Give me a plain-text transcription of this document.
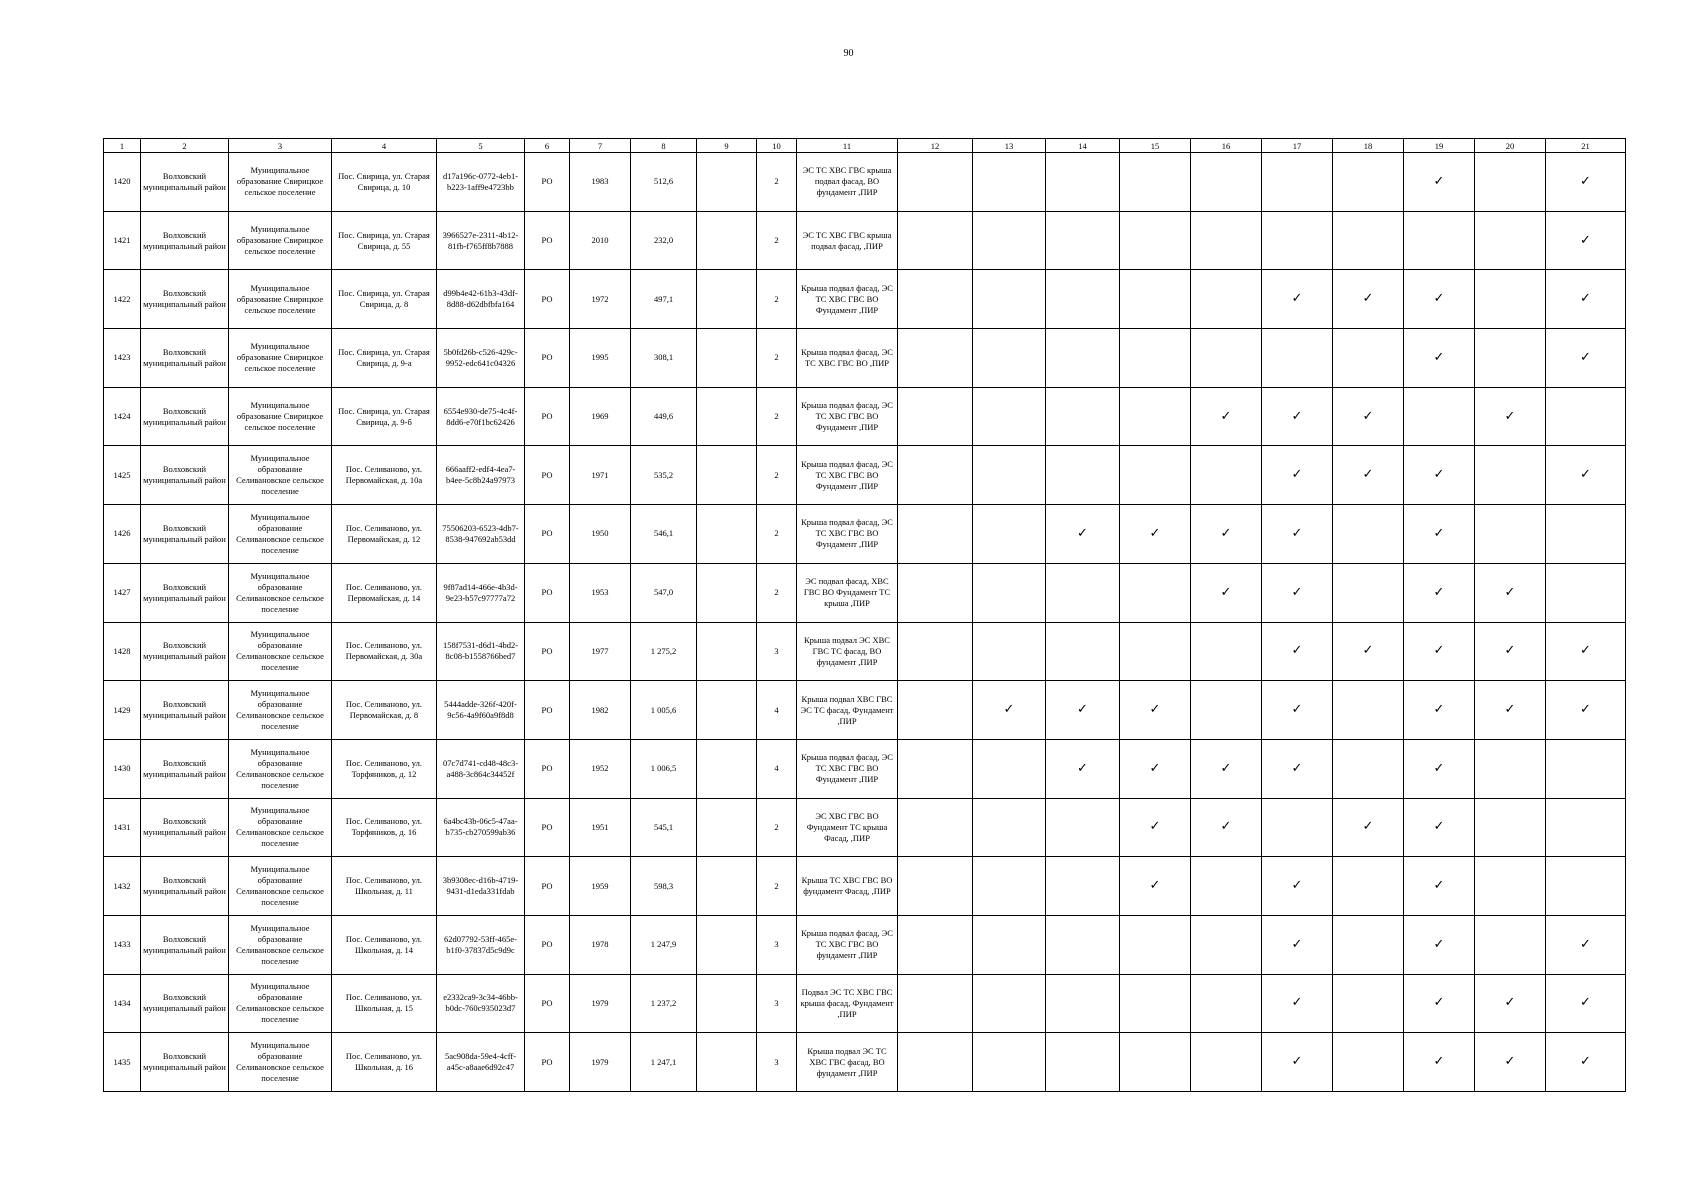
90
1	2	3	4	5	6	7	8	9	10	11	12	13	14	15	16	17	18	19	20	21
1420	Волховский муниципальный район	Муниципальное образование Свирицкое сельское поселение	Пос. Свирица, ул. Старая Свирица, д. 10	d17a196c-0772-4eb1-b223-1aff9e4723bb	РО	1983	512,6		2	ЭС ТС ХВС ГВС крыша подвал фасад, ВО фундамент ,ПИР								✓		✓
1421	Волховский муниципальный район	Муниципальное образование Свирицкое сельское поселение	Пос. Свирица, ул. Старая Свирица, д. 55	3966527e-2311-4b12-81fb-f765ff8b7888	РО	2010	232,0		2	ЭС ТС ХВС ГВС крыша подвал фасад, ,ПИР										✓
1422	Волховский муниципальный район	Муниципальное образование Свирицкое сельское поселение	Пос. Свирица, ул. Старая Свирица, д. 8	d99b4e42-61b3-43df-8d88-d62dbfbfa164	РО	1972	497,1		2	Крыша подвал фасад, ЭС ТС ХВС ГВС ВО Фундамент ,ПИР						✓	✓	✓		✓
1423	Волховский муниципальный район	Муниципальное образование Свирицкое сельское поселение	Пос. Свирица, ул. Старая Свирица, д. 9-а	5b0fd26b-c526-429c-9952-edc641c04326	РО	1995	308,1		2	Крыша подвал фасад, ЭС ТС ХВС ГВС ВО ,ПИР								✓		✓
1424	Волховский муниципальный район	Муниципальное образование Свирицкое сельское поселение	Пос. Свирица, ул. Старая Свирица, д. 9-б	6554e930-de75-4c4f-8dd6-e70f1bc62426	РО	1969	449,6		2	Крыша подвал фасад, ЭС ТС ХВС ГВС ВО Фундамент ,ПИР					✓	✓	✓		✓	
1425	Волховский муниципальный район	Муниципальное образование Селивановское сельское поселение	Пос. Селиваново, ул. Первомайская, д. 10а	666aaff2-edf4-4ea7-b4ee-5c8b24a97973	РО	1971	535,2		2	Крыша подвал фасад, ЭС ТС ХВС ГВС ВО Фундамент ,ПИР						✓	✓	✓		✓
1426	Волховский муниципальный район	Муниципальное образование Селивановское сельское поселение	Пос. Селиваново, ул. Первомайская, д. 12	75506203-6523-4db7-8538-947692ab53dd	РО	1950	546,1		2	Крыша подвал фасад, ЭС ТС ХВС ГВС ВО Фундамент ,ПИР			✓	✓	✓	✓		✓		
1427	Волховский муниципальный район	Муниципальное образование Селивановское сельское поселение	Пос. Селиваново, ул. Первомайская, д. 14	9f87ad14-466e-4b3d-9e23-b57c97777a72	РО	1953	547,0		2	ЭС подвал фасад, ХВС ГВС ВО Фундамент ТС крыша ,ПИР					✓	✓		✓	✓	
1428	Волховский муниципальный район	Муниципальное образование Селивановское сельское поселение	Пос. Селиваново, ул. Первомайская, д. 30а	158f7531-d6d1-4bd2-8c08-b1558766bed7	РО	1977	1 275,2		3	Крыша подвал ЭС ХВС ГВС ТС фасад, ВО фундамент ,ПИР						✓	✓	✓	✓	✓
1429	Волховский муниципальный район	Муниципальное образование Селивановское сельское поселение	Пос. Селиваново, ул. Первомайская, д. 8	5444adde-326f-420f-9c56-4a9f60a9f8d8	РО	1982	1 005,6		4	Крыша подвал ХВС ГВС ЭС ТС фасад, Фундамент ,ПИР		✓	✓	✓		✓		✓	✓	✓
1430	Волховский муниципальный район	Муниципальное образование Селивановское сельское поселение	Пос. Селиваново, ул. Торфяников, д. 12	07c7d741-cd48-48c3-a488-3c864c34452f	РО	1952	1 006,5		4	Крыша подвал фасад, ЭС ТС ХВС ГВС ВО Фундамент ,ПИР			✓	✓	✓	✓		✓		
1431	Волховский муниципальный район	Муниципальное образование Селивановское сельское поселение	Пос. Селиваново, ул. Торфяников, д. 16	6a4bc43b-06c5-47aa-b735-cb270599ab36	РО	1951	545,1		2	ЭС ХВС ГВС ВО Фундамент ТС крыша Фасад, ,ПИР				✓	✓		✓	✓		
1432	Волховский муниципальный район	Муниципальное образование Селивановское сельское поселение	Пос. Селиваново, ул. Школьная, д. 11	3b9308ec-d16b-4719-9431-d1eda331fdab	РО	1959	598,3		2	Крыша ТС ХВС ГВС ВО фундамент Фасад, ,ПИР				✓		✓		✓		
1433	Волховский муниципальный район	Муниципальное образование Селивановское сельское поселение	Пос. Селиваново, ул. Школьная, д. 14	62d07792-53ff-465e-b1f0-37837d5c9d9c	РО	1978	1 247,9		3	Крыша подвал фасад, ЭС ТС ХВС ГВС ВО фундамент ,ПИР						✓		✓		✓
1434	Волховский муниципальный район	Муниципальное образование Селивановское сельское поселение	Пос. Селиваново, ул. Школьная, д. 15	e2332ca9-3c34-46bb-b0dc-760c935023d7	РО	1979	1 237,2		3	Подвал ЭС ТС ХВС ГВС крыша фасад, Фундамент ,ПИР						✓		✓	✓	✓
1435	Волховский муниципальный район	Муниципальное образование Селивановское сельское поселение	Пос. Селиваново, ул. Школьная, д. 16	5ac908da-59e4-4cff-a45c-a8aae6d92c47	РО	1979	1 247,1		3	Крыша подвал ЭС ТС ХВС ГВС фасад, ВО фундамент ,ПИР						✓		✓	✓	✓
